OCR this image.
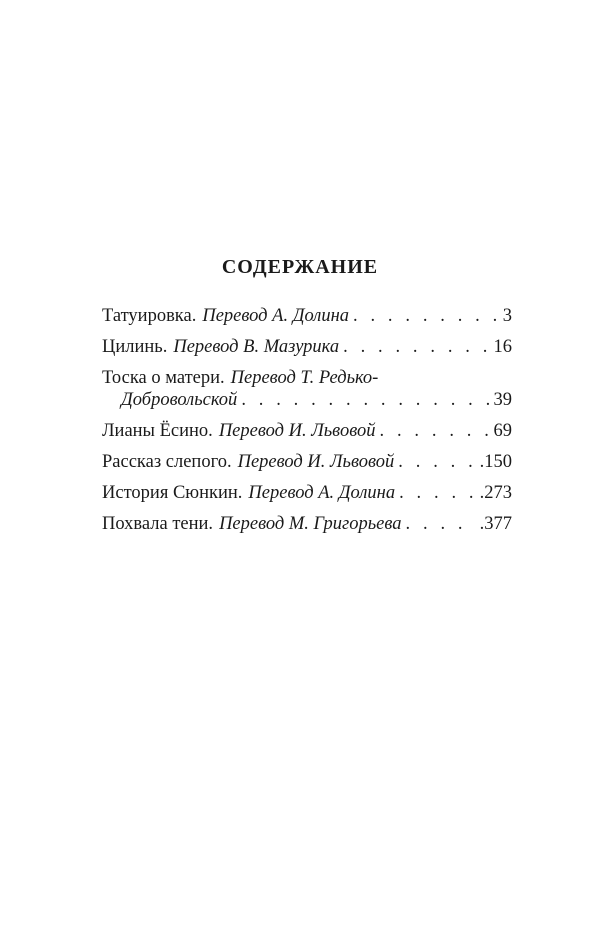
СОДЕРЖАНИЕ
Татуировка. Перевод А. Долина . . .	3
Цилинь. Перевод В. Мазурика . . .	16
Тоска о матери. Перевод Т. Редько-
Добровольской . . .	39
Лианы Ёсино. Перевод И. Львовой . . .	69
Рассказ слепого. Перевод И. Львовой . . .	.150
История Сюнкин. Перевод А. Долина . . .	.273
Похвала тени. Перевод М. Григорьева . . .	.377
